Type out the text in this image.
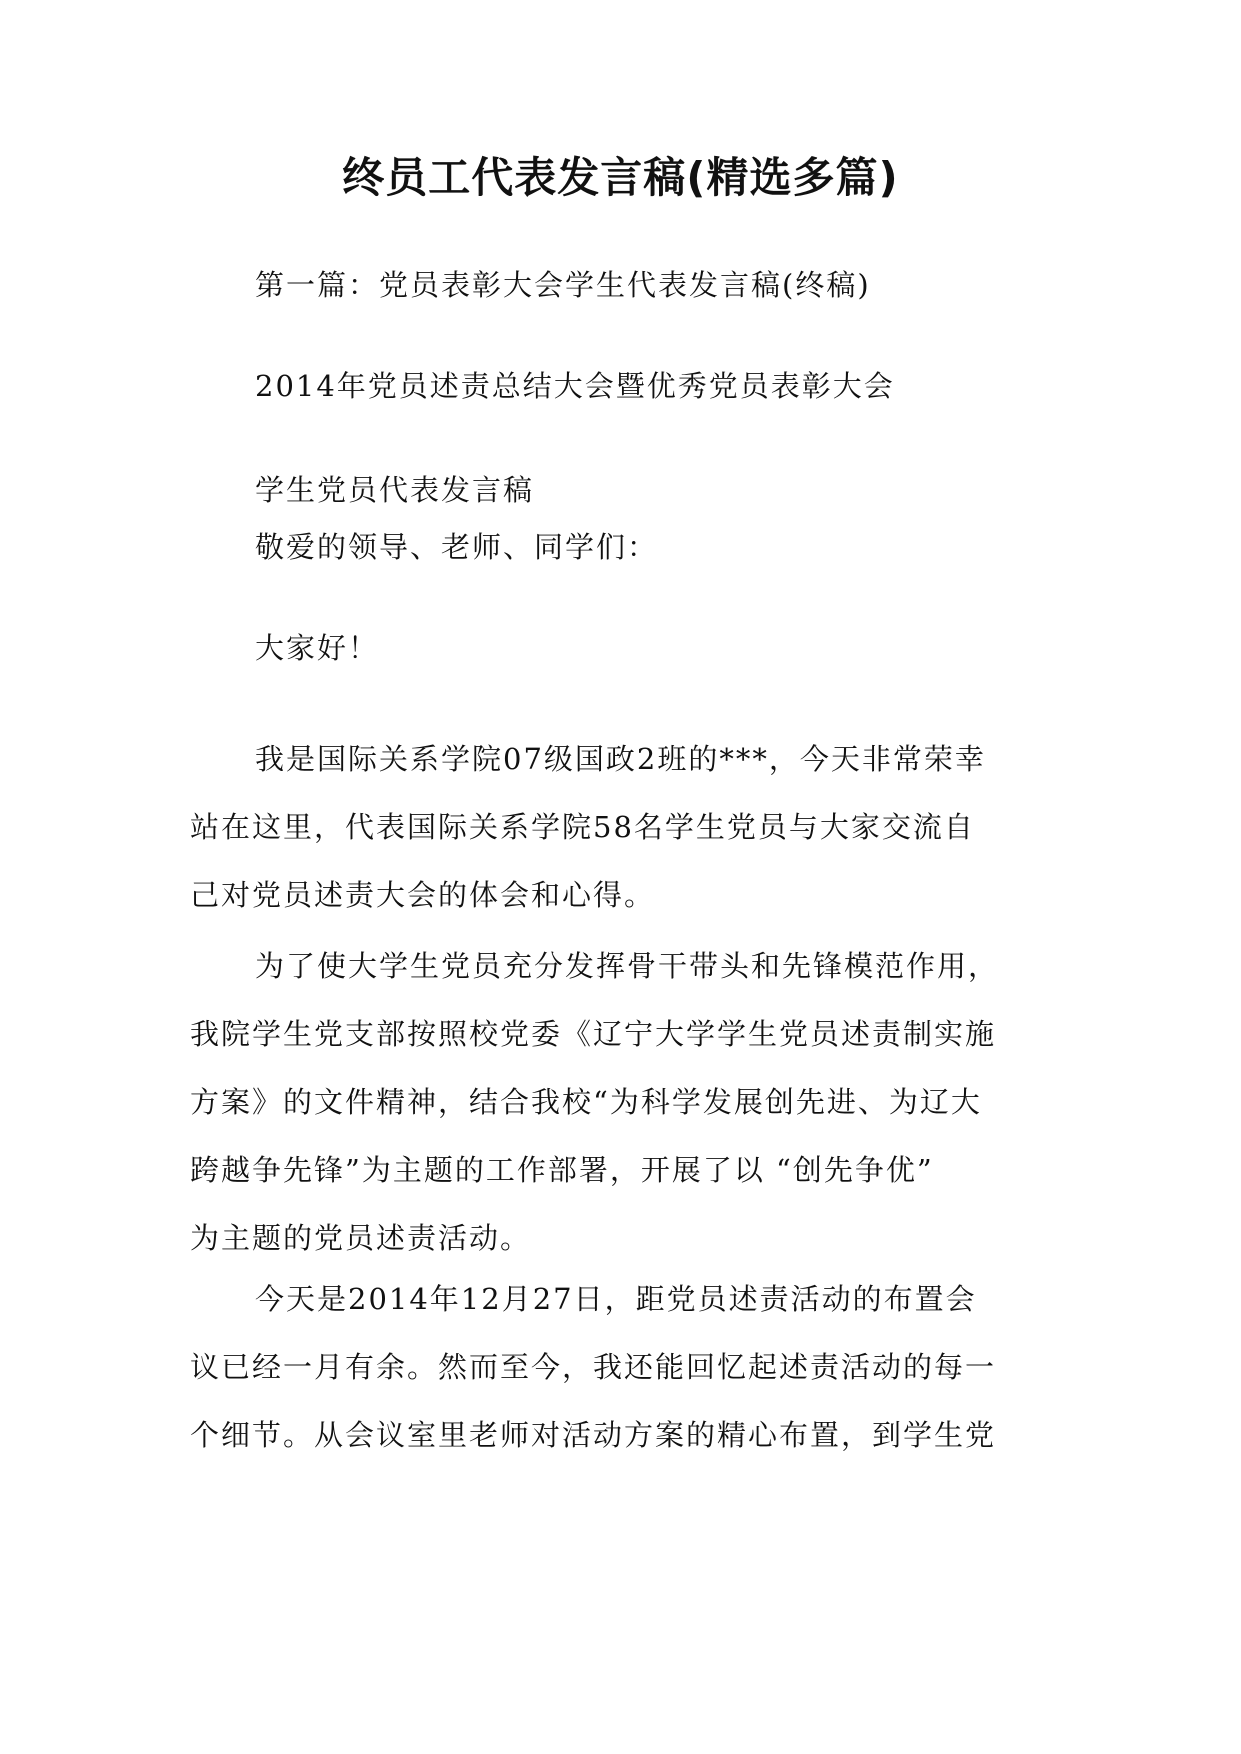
终员工代表发言稿(精选多篇)
第一篇：党员表彰大会学生代表发言稿(终稿)
2014年党员述责总结大会暨优秀党员表彰大会
学生党员代表发言稿
敬爱的领导、老师、同学们：
大家好！
我是国际关系学院07级国政2班的***，今天非常荣幸
站在这里，代表国际关系学院58名学生党员与大家交流自
己对党员述责大会的体会和心得。
为了使大学生党员充分发挥骨干带头和先锋模范作用，
我院学生党支部按照校党委《辽宁大学学生党员述责制实施
方案》的文件精神，结合我校“为科学发展创先进、为辽大
跨越争先锋”为主题的工作部署，开展了以 “创先争优”
为主题的党员述责活动。
今天是2014年12月27日，距党员述责活动的布置会
议已经一月有余。然而至今，我还能回忆起述责活动的每一
个细节。从会议室里老师对活动方案的精心布置，到学生党
